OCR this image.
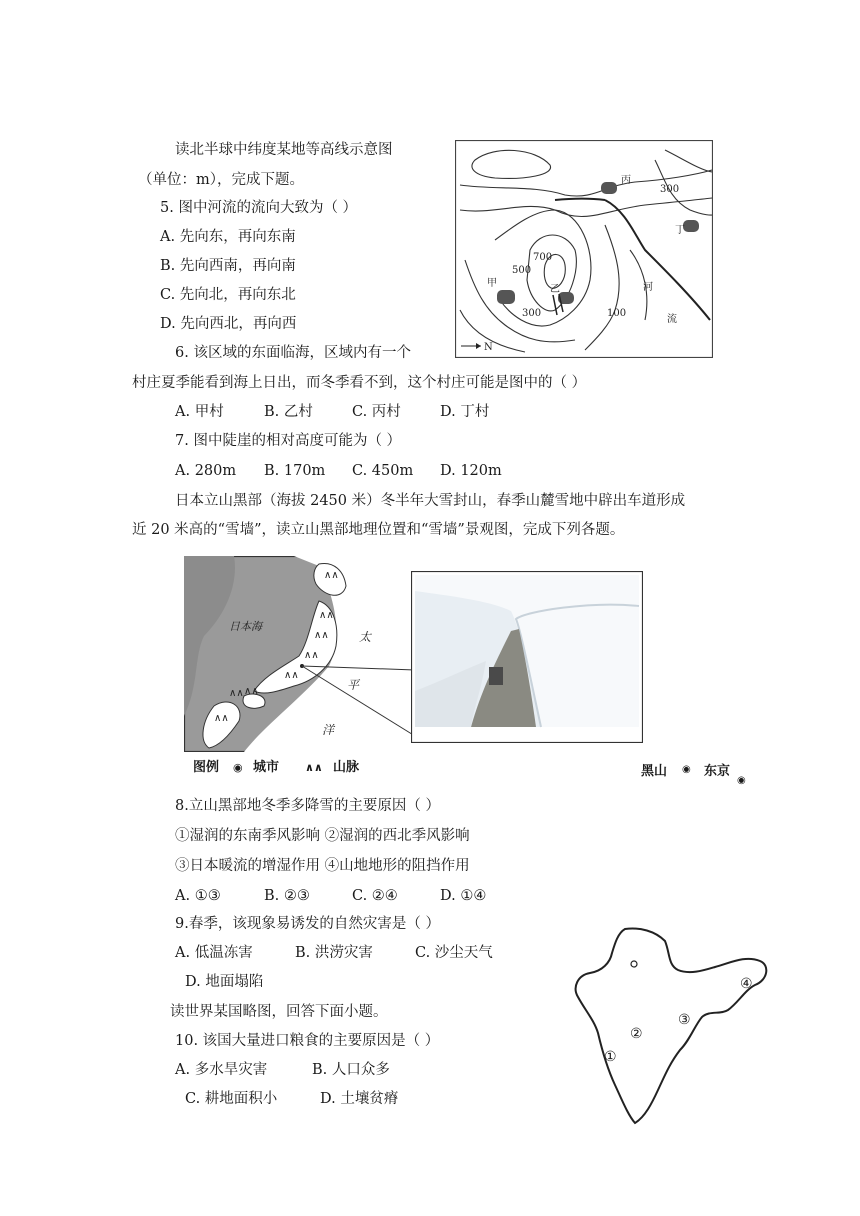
读北半球中纬度某地等高线示意图
（单位：m），完成下题。
5. 图中河流的流向大致为（ ）
A. 先向东，再向东南
B. 先向西南，再向南
C. 先向北，再向东北
D. 先向西北，再向西
6. 该区域的东面临海，区域内有一个
村庄夏季能看到海上日出，而冬季看不到，这个村庄可能是图中的（ ）
A. 甲村	B. 乙村	C. 丙村	D. 丁村
7. 图中陡崖的相对高度可能为（ ）
A. 280m B. 170m C. 450m D. 120m
日本立山黑部（海拔 2450 米）冬半年大雪封山，春季山麓雪地中辟出车道形成
近 20 米高的“雪墙”，读立山黑部地理位置和“雪墙”景观图，完成下列各题。
丙
300
丁
700
500
甲
300
乙
100
河
流
N
∧∧
∧∧
∧∧
∧∧
∧∧
∧∧
∧∧
∧∧
日本海
太
平
洋
图例 ◉ 城市 ∧∧ 山脉	黑山 ◉ 东京
◉
8.立山黑部地冬季多降雪的主要原因（ ）
①湿润的东南季风影响 ②湿润的西北季风影响
③日本暖流的增湿作用 ④山地地形的阻挡作用
A. ①③	B. ②③	C. ②④	D. ①④
9.春季，该现象易诱发的自然灾害是（ ）
A. 低温冻害	B. 洪涝灾害	C. 沙尘天气
D. 地面塌陷
读世界某国略图，回答下面小题。
10. 该国大量进口粮食的主要原因是（ ）
A. 多水旱灾害	B. 人口众多
C. 耕地面积小	D. 土壤贫瘠
①
②
③
④
